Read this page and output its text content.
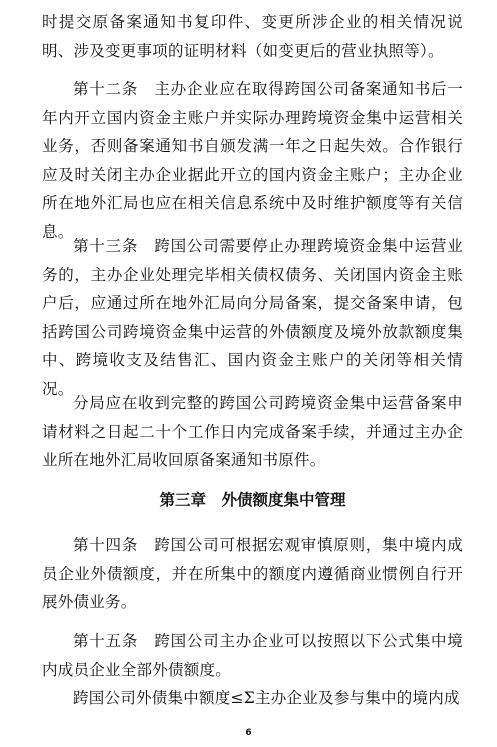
时提交原备案通知书复印件、变更所涉企业的相关情况说明、涉及变更事项的证明材料（如变更后的营业执照等）。
第十二条　主办企业应在取得跨国公司备案通知书后一年内开立国内资金主账户并实际办理跨境资金集中运营相关业务，否则备案通知书自颁发满一年之日起失效。合作银行应及时关闭主办企业据此开立的国内资金主账户；主办企业所在地外汇局也应在相关信息系统中及时维护额度等有关信息。
第十三条　跨国公司需要停止办理跨境资金集中运营业务的，主办企业处理完毕相关债权债务、关闭国内资金主账户后，应通过所在地外汇局向分局备案，提交备案申请，包括跨国公司跨境资金集中运营的外债额度及境外放款额度集中、跨境收支及结售汇、国内资金主账户的关闭等相关情况。
分局应在收到完整的跨国公司跨境资金集中运营备案申请材料之日起二十个工作日内完成备案手续，并通过主办企业所在地外汇局收回原备案通知书原件。
第三章　外债额度集中管理
第十四条　跨国公司可根据宏观审慎原则，集中境内成员企业外债额度，并在所集中的额度内遵循商业惯例自行开展外债业务。
第十五条　跨国公司主办企业可以按照以下公式集中境内成员企业全部外债额度。
跨国公司外债集中额度≤Σ主办企业及参与集中的境内成
6
